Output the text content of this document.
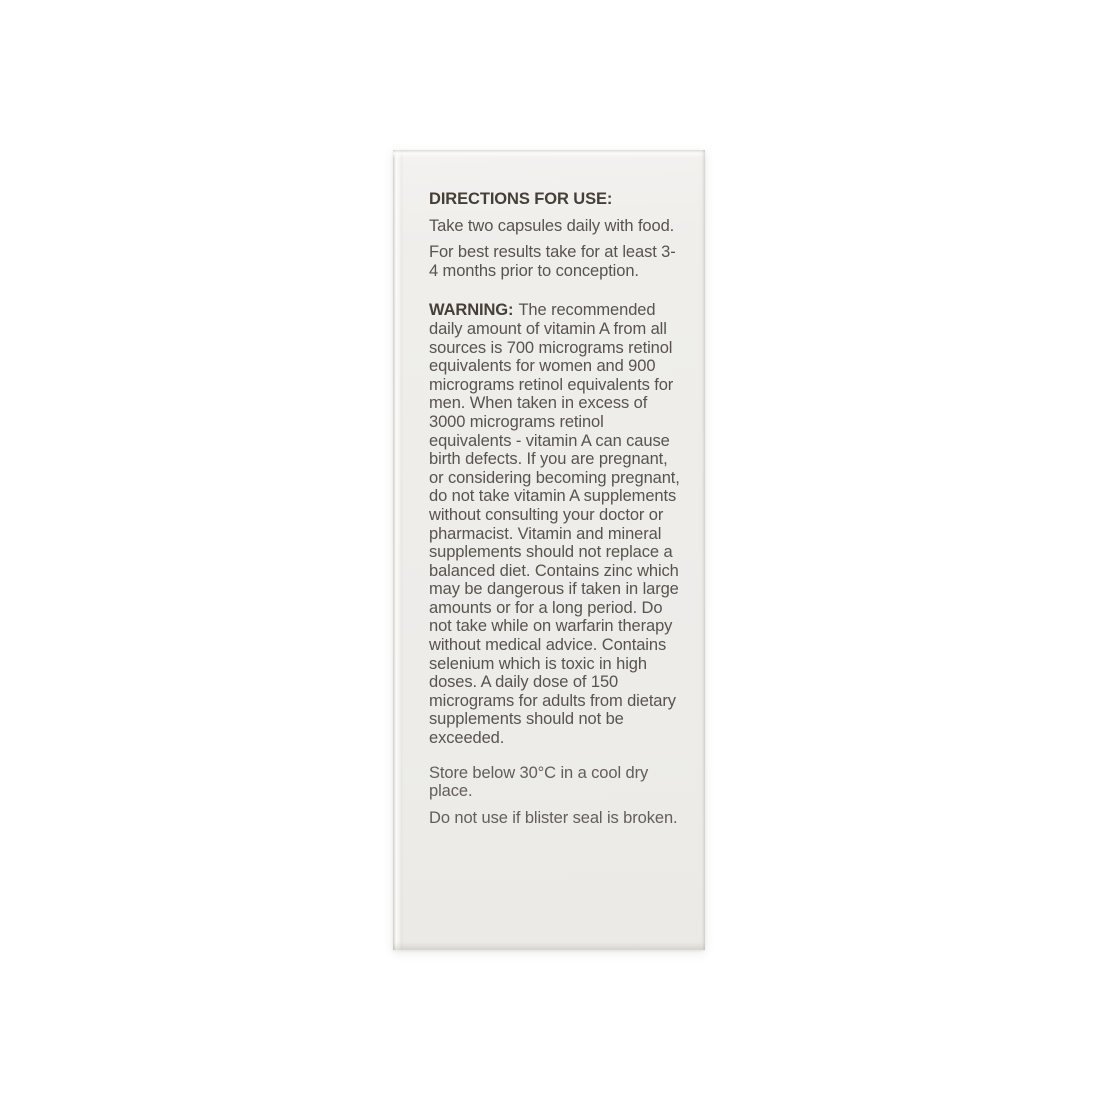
DIRECTIONS FOR USE:

Take two capsules daily with food.

For best results take for at least 3-4 months prior to conception.

WARNING: The recommended daily amount of vitamin A from all sources is 700 micrograms retinol equivalents for women and 900 micrograms retinol equivalents for men. When taken in excess of 3000 micrograms retinol equivalents - vitamin A can cause birth defects. If you are pregnant, or considering becoming pregnant, do not take vitamin A supplements without consulting your doctor or pharmacist. Vitamin and mineral supplements should not replace a balanced diet. Contains zinc which may be dangerous if taken in large amounts or for a long period. Do not take while on warfarin therapy without medical advice. Contains selenium which is toxic in high doses. A daily dose of 150 micrograms for adults from dietary supplements should not be exceeded.

Store below 30°C in a cool dry place.

Do not use if blister seal is broken.
